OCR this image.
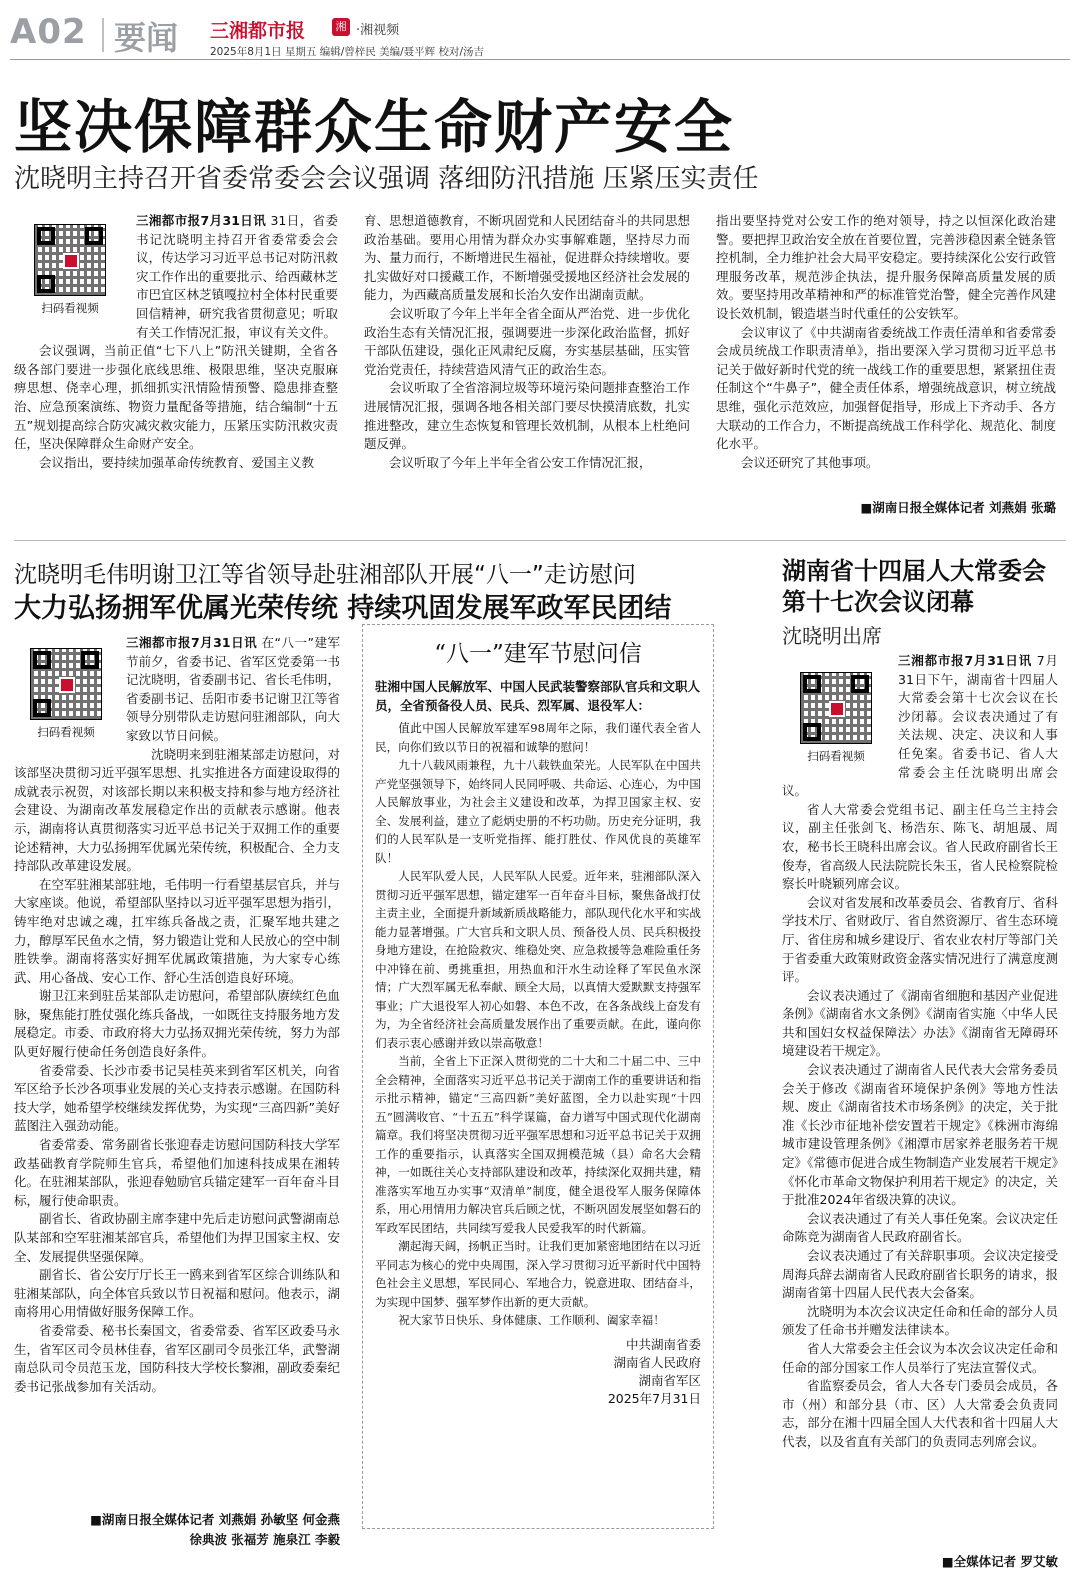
A02 要闻 三湘都市报	湘 ·湘视频
2025年8月1日 星期五 编辑/曾梓民 美编/聂平辉 校对/汤吉
坚决保障群众生命财产安全
沈晓明主持召开省委常委会会议强调 落细防汛措施 压紧压实责任
扫码看视频

三湘都市报7月31日讯 31日，省委书记沈晓明主持召开省委常委会会议，传达学习习近平总书记对防汛救灾工作作出的重要批示、给西藏林芝市巴宜区林芝镇嘎拉村全体村民重要回信精神，研究我省贯彻意见；听取有关工作情况汇报，审议有关文件。

会议强调，当前正值“七下八上”防汛关键期，全省各级各部门要进一步强化底线思维、极限思维，坚决克服麻痹思想、侥幸心理，抓细抓实汛情险情预警、隐患排查整治、应急预案演练、物资力量配备等措施，结合编制“十五五”规划提高综合防灾减灾救灾能力，压紧压实防汛救灾责任，坚决保障群众生命财产安全。

会议指出，要持续加强革命传统教育、爱国主义教

育、思想道德教育，不断巩固党和人民团结奋斗的共同思想政治基础。要用心用情为群众办实事解难题，坚持尽力而为、量力而行，不断增进民生福祉，促进群众持续增收。要扎实做好对口援藏工作，不断增强受援地区经济社会发展的能力，为西藏高质量发展和长治久安作出湖南贡献。

会议听取了今年上半年全省全面从严治党、进一步优化政治生态有关情况汇报，强调要进一步深化政治监督，抓好干部队伍建设，强化正风肃纪反腐，夯实基层基础，压实管党治党责任，持续营造风清气正的政治生态。

会议听取了全省溶洞垃圾等环境污染问题排查整治工作进展情况汇报，强调各地各相关部门要尽快摸清底数，扎实推进整改，建立生态恢复和管理长效机制，从根本上杜绝问题反弹。

会议听取了今年上半年全省公安工作情况汇报，

指出要坚持党对公安工作的绝对领导，持之以恒深化政治建警。要把捍卫政治安全放在首要位置，完善涉稳因素全链条管控机制，全力维护社会大局平安稳定。要持续深化公安行政管理服务改革，规范涉企执法，提升服务保障高质量发展的质效。要坚持用改革精神和严的标准管党治警，健全完善作风建设长效机制，锻造堪当时代重任的公安铁军。

会议审议了《中共湖南省委统战工作责任清单和省委常委会成员统战工作职责清单》，指出要深入学习贯彻习近平总书记关于做好新时代党的统一战线工作的重要思想，紧紧扭住责任制这个“牛鼻子”，健全责任体系，增强统战意识，树立统战思维，强化示范效应，加强督促指导，形成上下齐动手、各方大联动的工作合力，不断提高统战工作科学化、规范化、制度化水平。

会议还研究了其他事项。

■湖南日报全媒体记者 刘燕娟 张璐
沈晓明毛伟明谢卫江等省领导赴驻湘部队开展“八一”走访慰问
大力弘扬拥军优属光荣传统 持续巩固发展军政军民团结
扫码看视频

三湘都市报7月31日讯 在“八一”建军节前夕，省委书记、省军区党委第一书记沈晓明，省委副书记、省长毛伟明，省委副书记、岳阳市委书记谢卫江等省领导分别带队走访慰问驻湘部队，向大家致以节日问候。

沈晓明来到驻湘某部走访慰问，对该部坚决贯彻习近平强军思想、扎实推进各方面建设取得的成就表示祝贺，对该部长期以来积极支持和参与地方经济社会建设、为湖南改革发展稳定作出的贡献表示感谢。他表示，湖南将认真贯彻落实习近平总书记关于双拥工作的重要论述精神，大力弘扬拥军优属光荣传统，积极配合、全力支持部队改革建设发展。

在空军驻湘某部驻地，毛伟明一行看望基层官兵，并与大家座谈。他说，希望部队坚持以习近平强军思想为指引，铸牢绝对忠诚之魂，扛牢练兵备战之责，汇聚军地共建之力，醇厚军民鱼水之情，努力锻造让党和人民放心的空中制胜铁拳。湖南将落实好拥军优属政策措施，为大家专心练武、用心备战、安心工作、舒心生活创造良好环境。

谢卫江来到驻岳某部队走访慰问，希望部队赓续红色血脉，聚焦能打胜仗强化练兵备战，一如既往支持服务地方发展稳定。市委、市政府将大力弘扬双拥光荣传统，努力为部队更好履行使命任务创造良好条件。

省委常委、长沙市委书记吴桂英来到省军区机关，向省军区给予长沙各项事业发展的关心支持表示感谢。在国防科技大学，她希望学校继续发挥优势，为实现“三高四新”美好蓝图注入强劲动能。

省委常委、常务副省长张迎春走访慰问国防科技大学军政基础教育学院师生官兵，希望他们加速科技成果在湘转化。在驻湘某部队，张迎春勉励官兵锚定建军一百年奋斗目标，履行使命职责。

副省长、省政协副主席李建中先后走访慰问武警湖南总队某部和空军驻湘某部官兵，希望他们为捍卫国家主权、安全、发展提供坚强保障。

副省长、省公安厅厅长王一鸥来到省军区综合训练队和驻湘某部队，向全体官兵致以节日祝福和慰问。他表示，湖南将用心用情做好服务保障工作。

省委常委、秘书长秦国文，省委常委、省军区政委马永生，省军区司令员林佳春，省军区副司令员张江华，武警湖南总队司令员范玉龙，国防科技大学校长黎湘，副政委秦纪委书记张战参加有关活动。

■湖南日报全媒体记者 刘燕娟 孙敏坚 何金燕
徐典波 张福芳 施泉江 李毅
“八一”建军节慰问信
驻湘中国人民解放军、中国人民武装警察部队官兵和文职人员，全省预备役人员、民兵、烈军属、退役军人：

值此中国人民解放军建军98周年之际，我们谨代表全省人民，向你们致以节日的祝福和诚挚的慰问！

九十八载风雨兼程，九十八载铁血荣光。人民军队在中国共产党坚强领导下，始终同人民同呼吸、共命运、心连心，为中国人民解放事业，为社会主义建设和改革，为捍卫国家主权、安全、发展利益，建立了彪炳史册的不朽功勋。历史充分证明，我们的人民军队是一支听党指挥、能打胜仗、作风优良的英雄军队！

人民军队爱人民，人民军队人民爱。近年来，驻湘部队深入贯彻习近平强军思想，锚定建军一百年奋斗目标，聚焦备战打仗主责主业，全面提升新域新质战略能力，部队现代化水平和实战能力显著增强。广大官兵和文职人员、预备役人员、民兵积极投身地方建设，在抢险救灾、维稳处突、应急救援等急难险重任务中冲锋在前、勇挑重担，用热血和汗水生动诠释了军民鱼水深情；广大烈军属无私奉献、顾全大局，以真情大爱默默支持强军事业；广大退役军人初心如磐、本色不改，在各条战线上奋发有为，为全省经济社会高质量发展作出了重要贡献。在此，谨向你们表示衷心感谢并致以崇高敬意！

当前，全省上下正深入贯彻党的二十大和二十届二中、三中全会精神，全面落实习近平总书记关于湖南工作的重要讲话和指示批示精神，锚定“三高四新”美好蓝图，全力以赴实现“十四五”圆满收官、“十五五”科学谋篇，奋力谱写中国式现代化湖南篇章。我们将坚决贯彻习近平强军思想和习近平总书记关于双拥工作的重要指示，认真落实全国双拥模范城（县）命名大会精神，一如既往关心支持部队建设和改革，持续深化双拥共建，精准落实军地互办实事“双清单”制度，健全退役军人服务保障体系，用心用情用力解决官兵后顾之忧，不断巩固发展坚如磐石的军政军民团结，共同续写爱我人民爱我军的时代新篇。

潮起海天阔，扬帆正当时。让我们更加紧密地团结在以习近平同志为核心的党中央周围，深入学习贯彻习近平新时代中国特色社会主义思想，军民同心、军地合力，锐意进取、团结奋斗，为实现中国梦、强军梦作出新的更大贡献。

祝大家节日快乐、身体健康、工作顺利、阖家幸福！

中共湖南省委
湖南省人民政府
湖南省军区
2025年7月31日
湖南省十四届人大常委会
第十七次会议闭幕
沈晓明出席
扫码看视频

三湘都市报7月31日讯 7月31日下午，湖南省十四届人大常委会第十七次会议在长沙闭幕。会议表决通过了有关法规、决定、决议和人事任免案。省委书记、省人大常委会主任沈晓明出席会议。

省人大常委会党组书记、副主任乌兰主持会议，副主任张剑飞、杨浩东、陈飞、胡旭晟、周农，秘书长王晓科出席会议。省人民政府副省长王俊寿，省高级人民法院院长朱玉，省人民检察院检察长叶晓颖列席会议。

会议对省发展和改革委员会、省教育厅、省科学技术厅、省财政厅、省自然资源厅、省生态环境厅、省住房和城乡建设厅、省农业农村厅等部门关于省委重大政策财政资金落实情况进行了满意度测评。

会议表决通过了《湖南省细胞和基因产业促进条例》《湖南省水文条例》《湖南省实施〈中华人民共和国妇女权益保障法〉办法》《湖南省无障碍环境建设若干规定》。

会议表决通过了湖南省人民代表大会常务委员会关于修改《湖南省环境保护条例》等地方性法规、废止《湖南省技术市场条例》的决定，关于批准《长沙市征地补偿安置若干规定》《株洲市海绵城市建设管理条例》《湘潭市居家养老服务若干规定》《常德市促进合成生物制造产业发展若干规定》《怀化市革命文物保护利用若干规定》的决定，关于批准2024年省级决算的决议。

会议表决通过了有关人事任免案。会议决定任命陈竞为湖南省人民政府副省长。

会议表决通过了有关辞职事项。会议决定接受周海兵辞去湖南省人民政府副省长职务的请求，报湖南省第十四届人民代表大会备案。

沈晓明为本次会议决定任命和任命的部分人员颁发了任命书并赠发法律读本。

省人大常委会主任会议为本次会议决定任命和任命的部分国家工作人员举行了宪法宣誓仪式。

省监察委员会，省人大各专门委员会成员，各市（州）和部分县（市、区）人大常委会负责同志，部分在湘十四届全国人大代表和省十四届人大代表，以及省直有关部门的负责同志列席会议。

■全媒体记者 罗艾敏
